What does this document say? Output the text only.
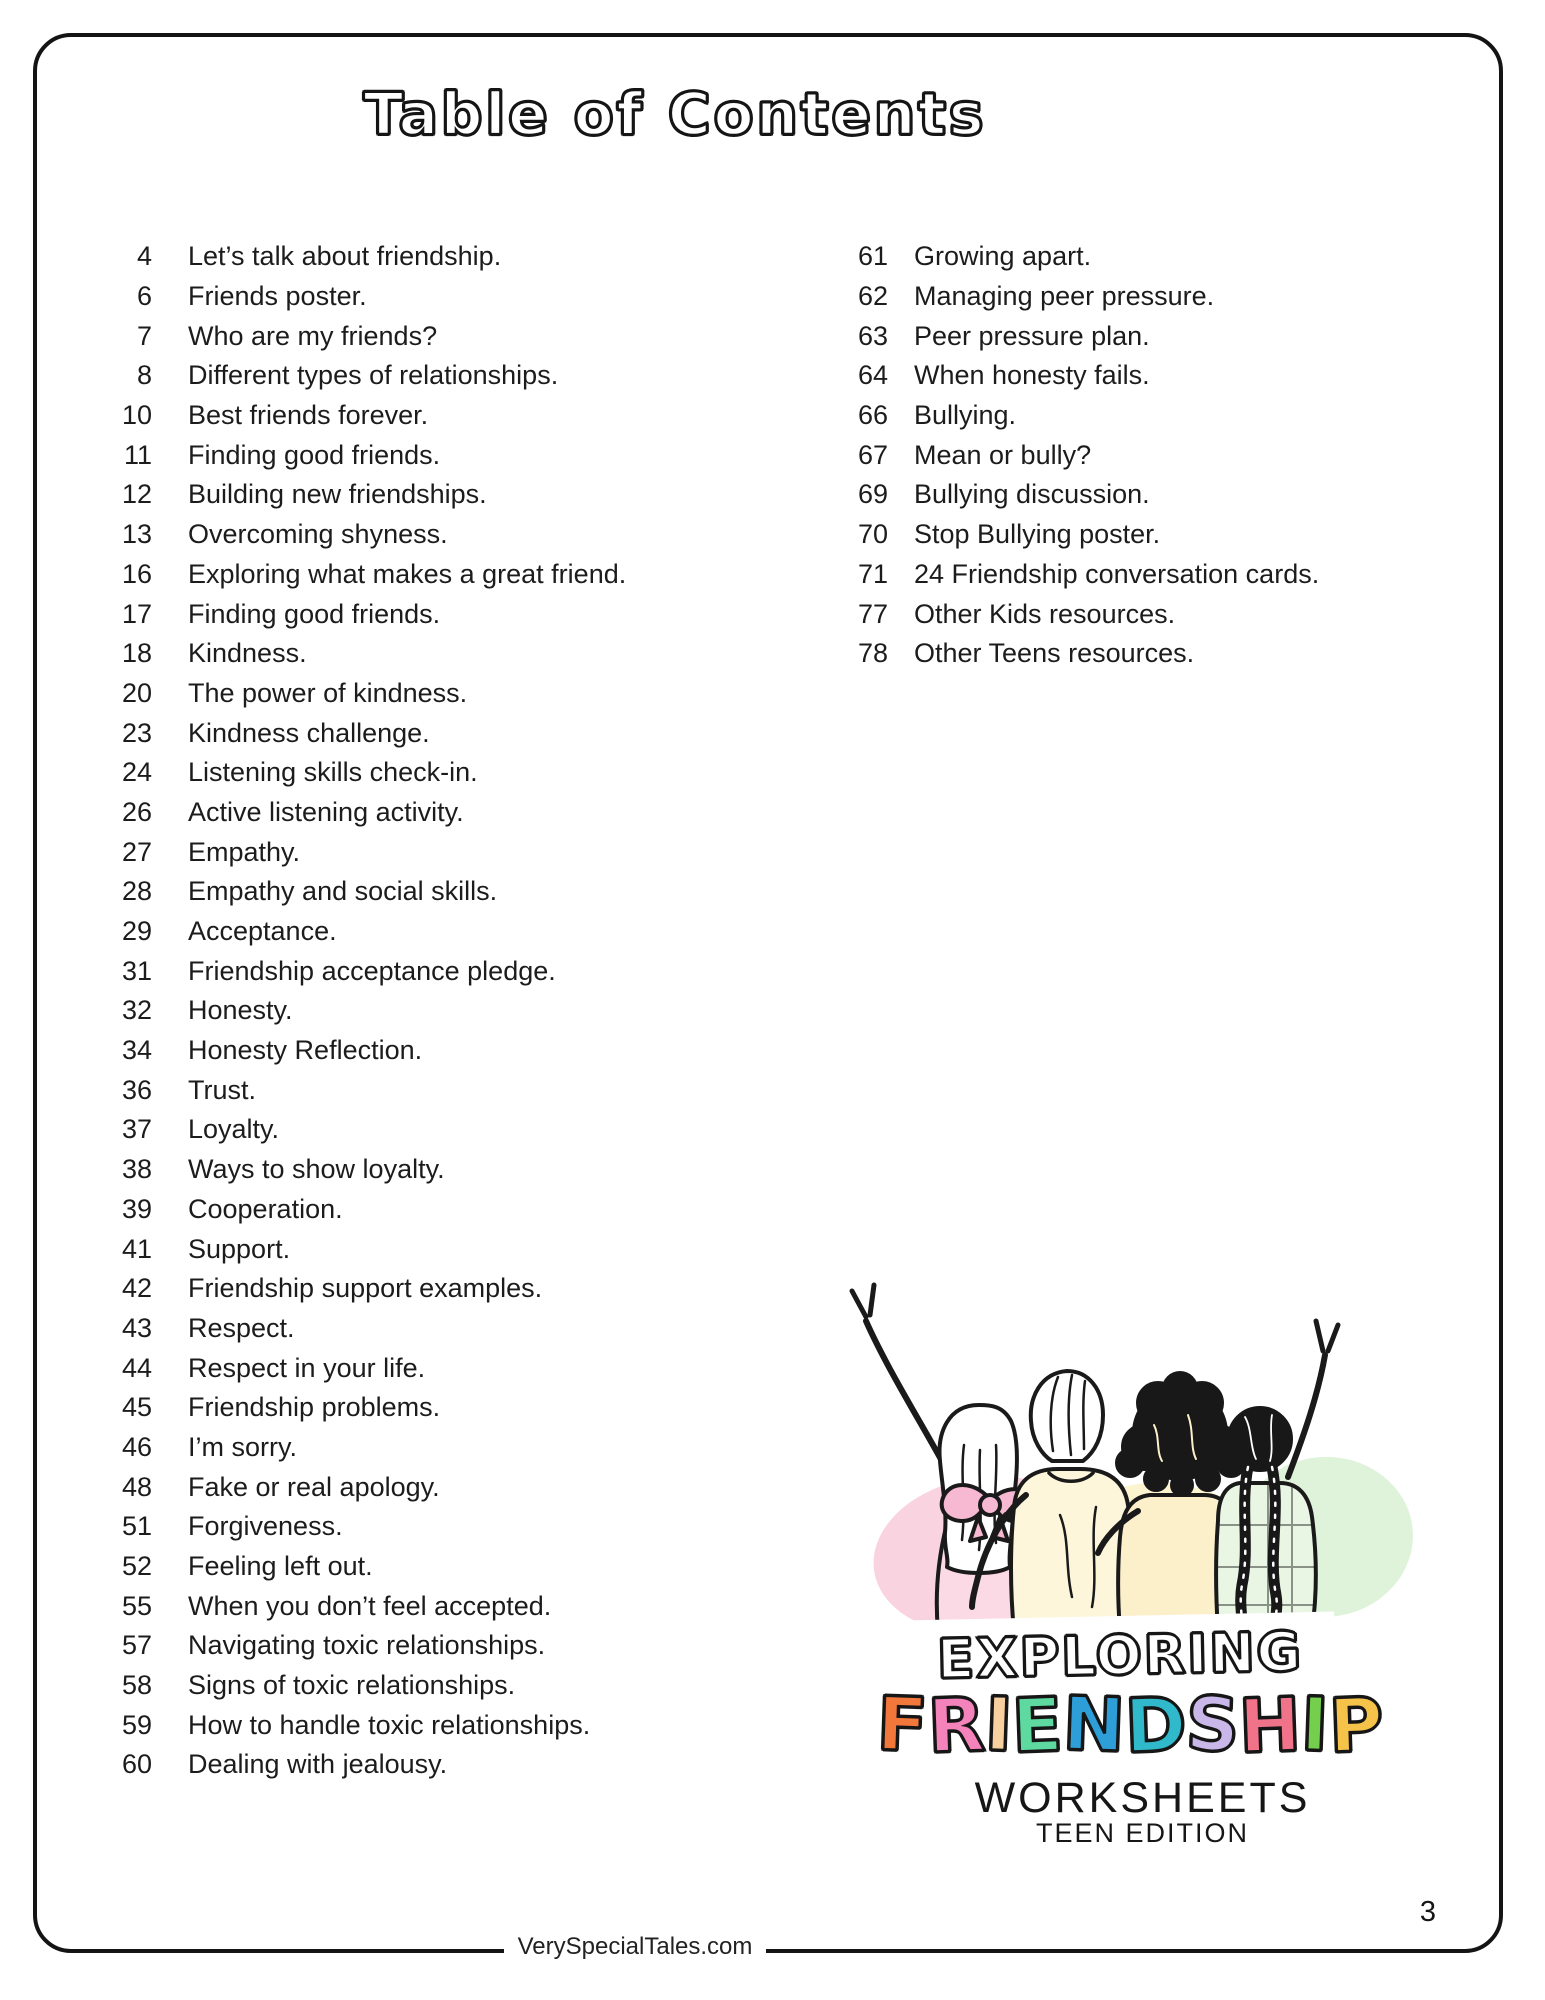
Table of Contents
4 Let’s talk about friendship.
6 Friends poster.
7 Who are my friends?
8 Different types of relationships.
10 Best friends forever.
11 Finding good friends.
12 Building new friendships.
13 Overcoming shyness.
16 Exploring what makes a great friend.
17 Finding good friends.
18 Kindness.
20 The power of kindness.
23 Kindness challenge.
24 Listening skills check-in.
26 Active listening activity.
27 Empathy.
28 Empathy and social skills.
29 Acceptance.
31 Friendship acceptance pledge.
32 Honesty.
34 Honesty Reflection.
36 Trust.
37 Loyalty.
38 Ways to show loyalty.
39 Cooperation.
41 Support.
42 Friendship support examples.
43 Respect.
44 Respect in your life.
45 Friendship problems.
46 I’m sorry.
48 Fake or real apology.
51 Forgiveness.
52 Feeling left out.
55 When you don’t feel accepted.
57 Navigating toxic relationships.
58 Signs of toxic relationships.
59 How to handle toxic relationships.
60 Dealing with jealousy.
61 Growing apart.
62 Managing peer pressure.
63 Peer pressure plan.
64 When honesty fails.
66 Bullying.
67 Mean or bully?
69 Bullying discussion.
70 Stop Bullying poster.
71 24 Friendship conversation cards.
77 Other Kids resources.
78 Other Teens resources.
EXPLORING
FRIENDSHIP
WORKSHEETS
TEEN EDITION
3
VerySpecialTales.com
